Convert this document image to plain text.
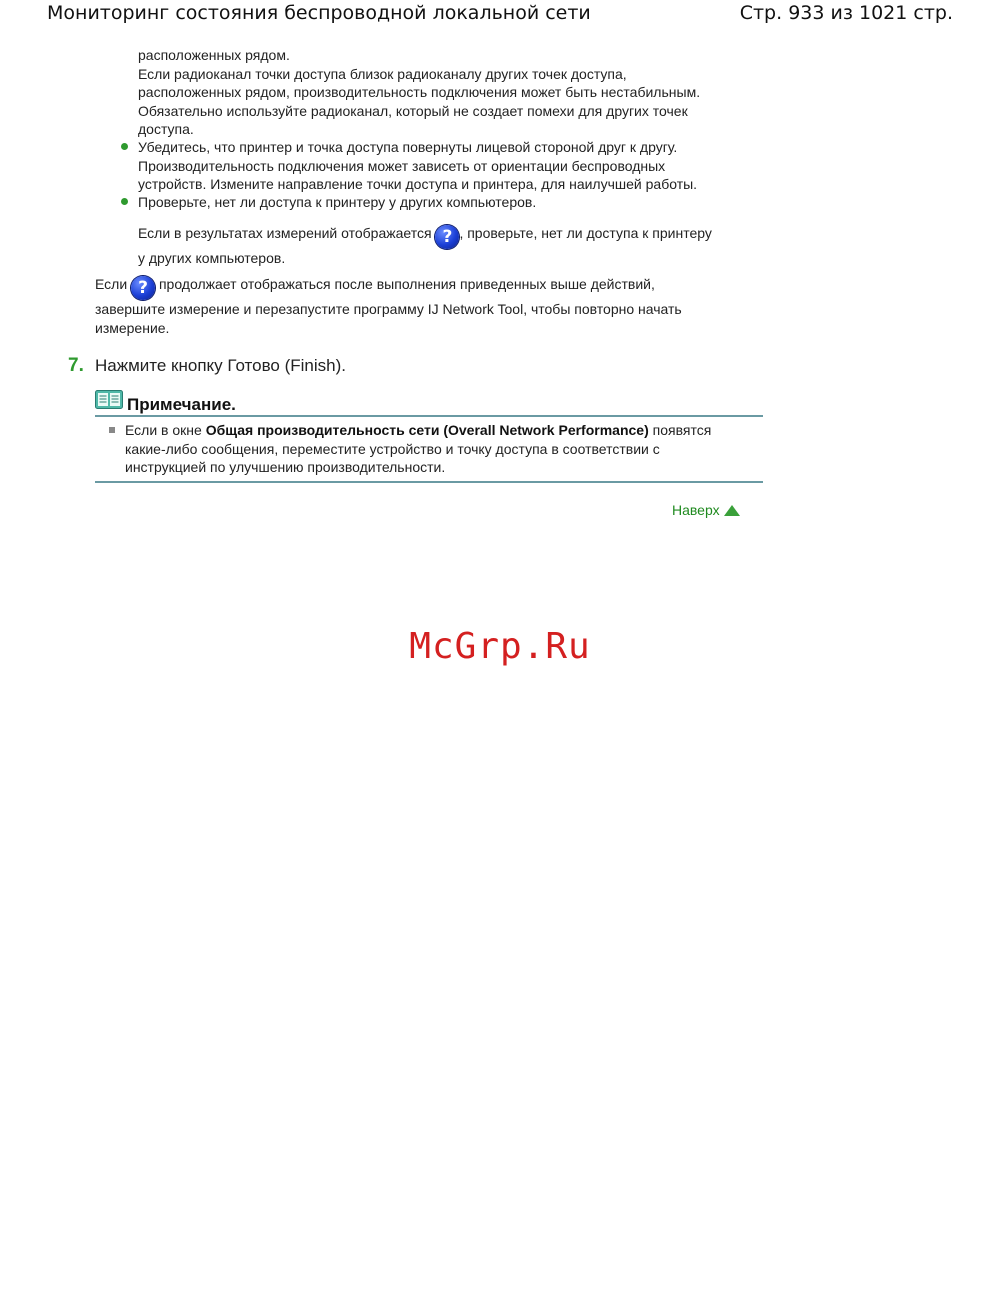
Мониторинг состояния беспроводной локальной сети	Стр. 933 из 1021 стр.
расположенных рядом.
Если радиоканал точки доступа близок радиоканалу других точек доступа,
расположенных рядом, производительность подключения может быть нестабильным.
Обязательно используйте радиоканал, который не создает помехи для других точек
доступа.
Убедитесь, что принтер и точка доступа повернуты лицевой стороной друг к другу.
Производительность подключения может зависеть от ориентации беспроводных
устройств. Измените направление точки доступа и принтера, для наилучшей работы.
Проверьте, нет ли доступа к принтеру у других компьютеров.
Если в результатах измерений отображается ? , проверьте, нет ли доступа к принтеру
у других компьютеров.
Если ? продолжает отображаться после выполнения приведенных выше действий,
завершите измерение и перезапустите программу IJ Network Tool, чтобы повторно начать
измерение.
7. Нажмите кнопку Готово (Finish).
Примечание.
Если в окне Общая производительность сети (Overall Network Performance) появятся
какие-либо сообщения, переместите устройство и точку доступа в соответствии с
инструкцией по улучшению производительности.
Наверх
McGrp.Ru
